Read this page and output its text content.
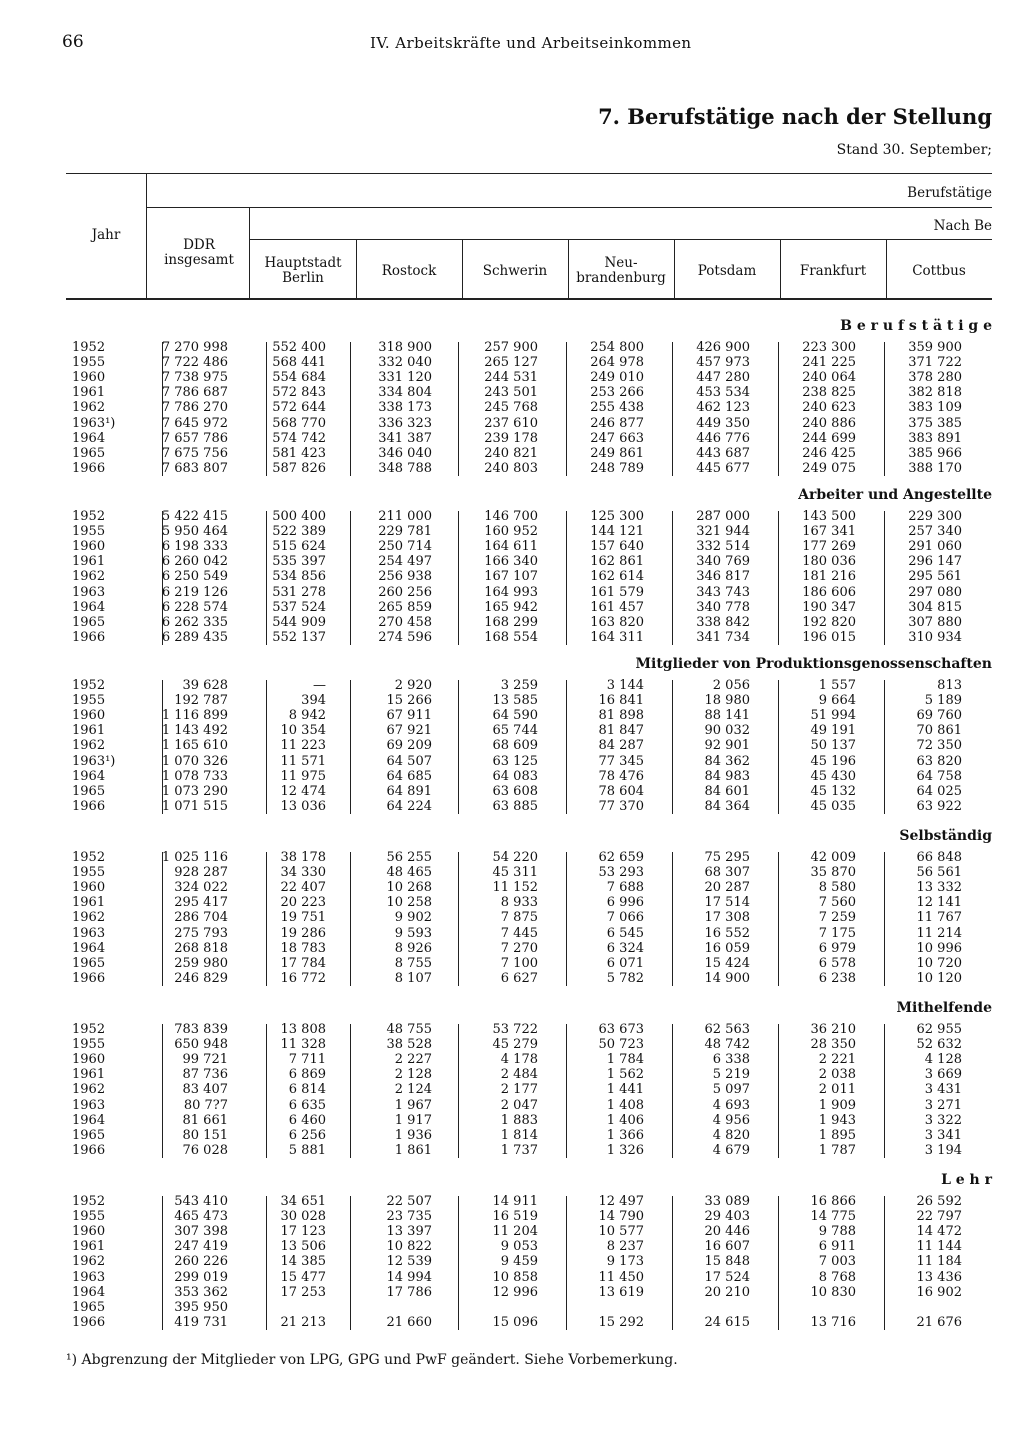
66	IV. Arbeitskräfte und Arbeitseinkommen
7. Berufstätige nach der Stellung
Stand 30. September;
Jahr
Berufstätige
Nach Be
DDR insgesamt	Hauptstadt Berlin	Rostock	Schwerin	Neu-brandenburg	Potsdam	Frankfurt	Cottbus
B e r u f s t ä t i g e
1952	7 270 998	552 400	318 900	257 900	254 800	426 900	223 300	359 900
1955	7 722 486	568 441	332 040	265 127	264 978	457 973	241 225	371 722
1960	7 738 975	554 684	331 120	244 531	249 010	447 280	240 064	378 280
1961	7 786 687	572 843	334 804	243 501	253 266	453 534	238 825	382 818
1962	7 786 270	572 644	338 173	245 768	255 438	462 123	240 623	383 109
1963¹)	7 645 972	568 770	336 323	237 610	246 877	449 350	240 886	375 385
1964	7 657 786	574 742	341 387	239 178	247 663	446 776	244 699	383 891
1965	7 675 756	581 423	346 040	240 821	249 861	443 687	246 425	385 966
1966	7 683 807	587 826	348 788	240 803	248 789	445 677	249 075	388 170
Arbeiter und Angestellte
1952	5 422 415	500 400	211 000	146 700	125 300	287 000	143 500	229 300
1955	5 950 464	522 389	229 781	160 952	144 121	321 944	167 341	257 340
1960	6 198 333	515 624	250 714	164 611	157 640	332 514	177 269	291 060
1961	6 260 042	535 397	254 497	166 340	162 861	340 769	180 036	296 147
1962	6 250 549	534 856	256 938	167 107	162 614	346 817	181 216	295 561
1963	6 219 126	531 278	260 256	164 993	161 579	343 743	186 606	297 080
1964	6 228 574	537 524	265 859	165 942	161 457	340 778	190 347	304 815
1965	6 262 335	544 909	270 458	168 299	163 820	338 842	192 820	307 880
1966	6 289 435	552 137	274 596	168 554	164 311	341 734	196 015	310 934
Mitglieder von Produktionsgenossenschaften
1952	39 628	—	2 920	3 259	3 144	2 056	1 557	813
1955	192 787	394	15 266	13 585	16 841	18 980	9 664	5 189
1960	1 116 899	8 942	67 911	64 590	81 898	88 141	51 994	69 760
1961	1 143 492	10 354	67 921	65 744	81 847	90 032	49 191	70 861
1962	1 165 610	11 223	69 209	68 609	84 287	92 901	50 137	72 350
1963¹)	1 070 326	11 571	64 507	63 125	77 345	84 362	45 196	63 820
1964	1 078 733	11 975	64 685	64 083	78 476	84 983	45 430	64 758
1965	1 073 290	12 474	64 891	63 608	78 604	84 601	45 132	64 025
1966	1 071 515	13 036	64 224	63 885	77 370	84 364	45 035	63 922
Selbständig
1952	1 025 116	38 178	56 255	54 220	62 659	75 295	42 009	66 848
1955	928 287	34 330	48 465	45 311	53 293	68 307	35 870	56 561
1960	324 022	22 407	10 268	11 152	7 688	20 287	8 580	13 332
1961	295 417	20 223	10 258	8 933	6 996	17 514	7 560	12 141
1962	286 704	19 751	9 902	7 875	7 066	17 308	7 259	11 767
1963	275 793	19 286	9 593	7 445	6 545	16 552	7 175	11 214
1964	268 818	18 783	8 926	7 270	6 324	16 059	6 979	10 996
1965	259 980	17 784	8 755	7 100	6 071	15 424	6 578	10 720
1966	246 829	16 772	8 107	6 627	5 782	14 900	6 238	10 120
Mithelfende
1952	783 839	13 808	48 755	53 722	63 673	62 563	36 210	62 955
1955	650 948	11 328	38 528	45 279	50 723	48 742	28 350	52 632
1960	99 721	7 711	2 227	4 178	1 784	6 338	2 221	4 128
1961	87 736	6 869	2 128	2 484	1 562	5 219	2 038	3 669
1962	83 407	6 814	2 124	2 177	1 441	5 097	2 011	3 431
1963	80 7?7	6 635	1 967	2 047	1 408	4 693	1 909	3 271
1964	81 661	6 460	1 917	1 883	1 406	4 956	1 943	3 322
1965	80 151	6 256	1 936	1 814	1 366	4 820	1 895	3 341
1966	76 028	5 881	1 861	1 737	1 326	4 679	1 787	3 194
L e h r
1952	543 410	34 651	22 507	14 911	12 497	33 089	16 866	26 592
1955	465 473	30 028	23 735	16 519	14 790	29 403	14 775	22 797
1960	307 398	17 123	13 397	11 204	10 577	20 446	9 788	14 472
1961	247 419	13 506	10 822	9 053	8 237	16 607	6 911	11 144
1962	260 226	14 385	12 539	9 459	9 173	15 848	7 003	11 184
1963	299 019	15 477	14 994	10 858	11 450	17 524	8 768	13 436
1964	353 362	17 253	17 786	12 996	13 619	20 210	10 830	16 902
1965	395 950
1966	419 731	21 213	21 660	15 096	15 292	24 615	13 716	21 676
¹) Abgrenzung der Mitglieder von LPG, GPG und PwF geändert. Siehe Vorbemerkung.
